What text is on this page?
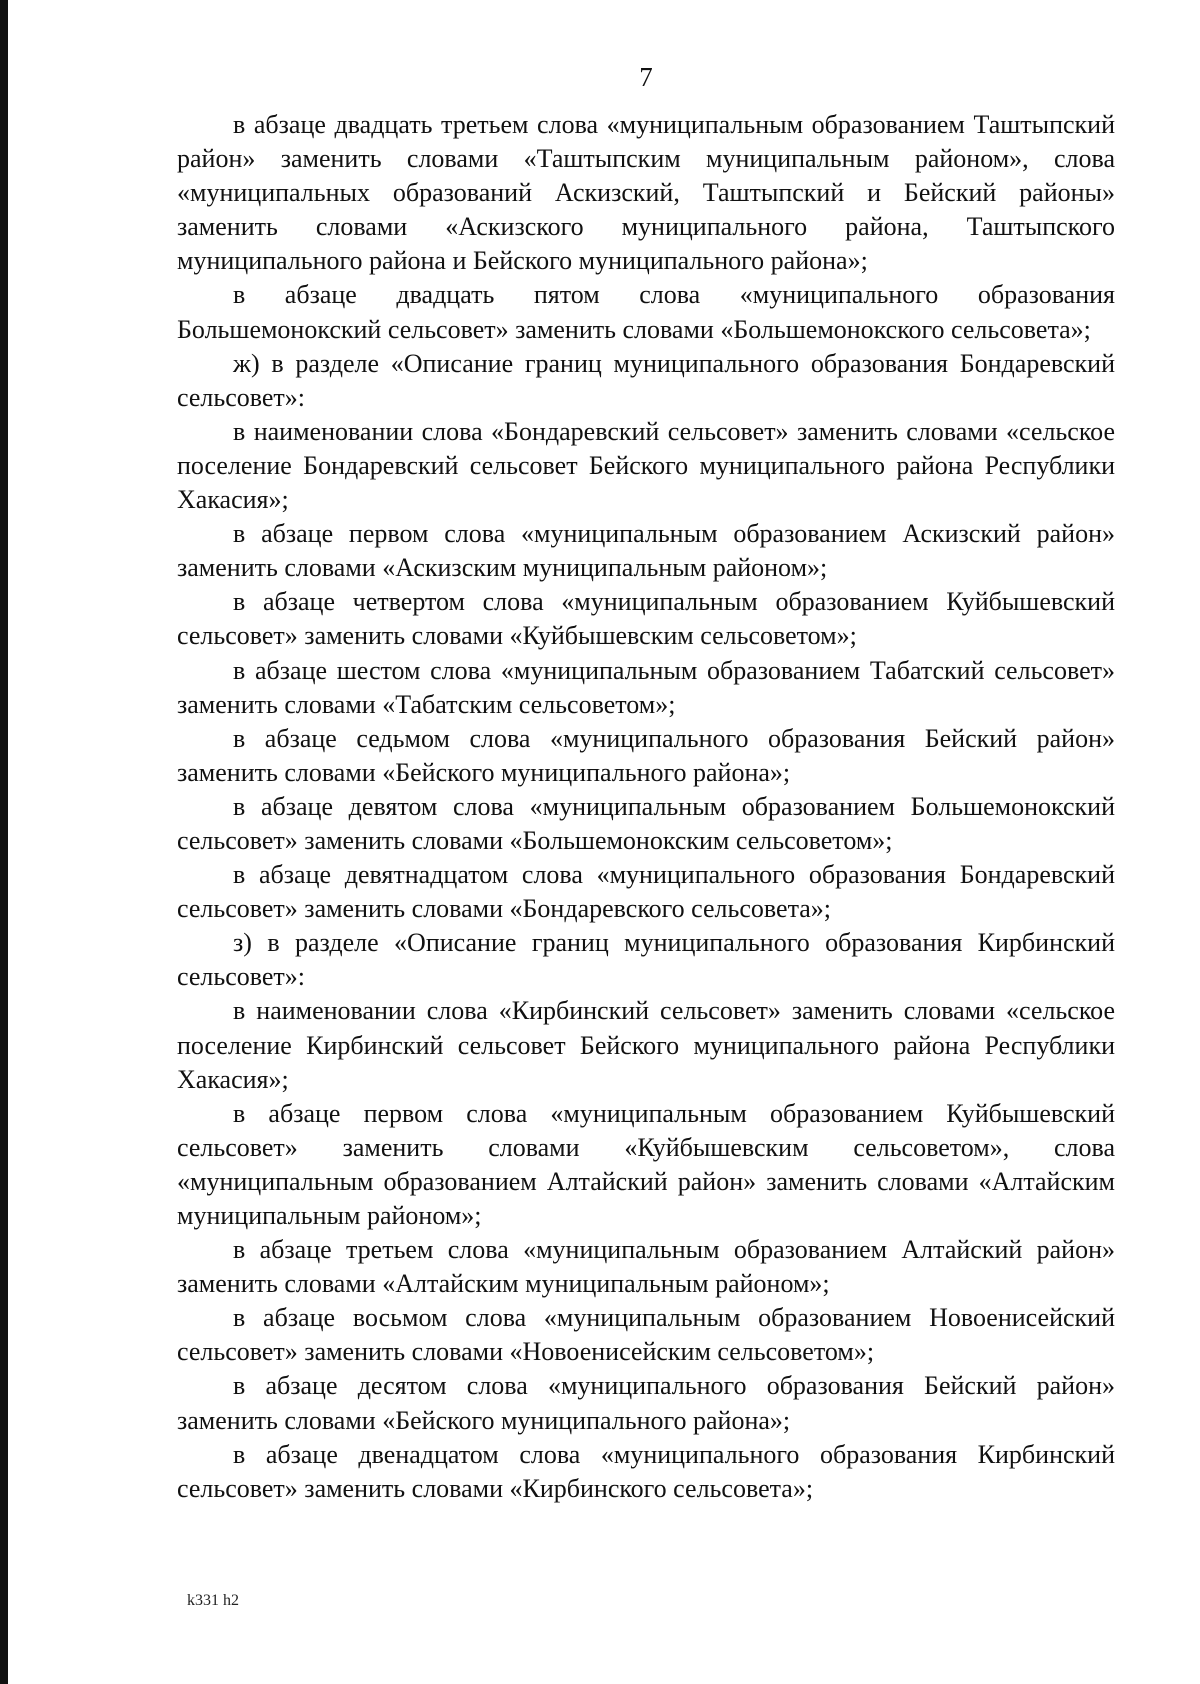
7

в абзаце двадцать третьем слова «муниципальным образованием Таштыпский район» заменить словами «Таштыпским муниципальным районом», слова «муниципальных образований Аскизский, Таштыпский и Бейский районы» заменить словами «Аскизского муниципального района, Таштыпского муниципального района и Бейского муниципального района»;

в абзаце двадцать пятом слова «муниципального образования Большемонокский сельсовет» заменить словами «Большемонокского сельсовета»;

ж) в разделе «Описание границ муниципального образования Бондаревский сельсовет»:

в наименовании слова «Бондаревский сельсовет» заменить словами «сельское поселение Бондаревский сельсовет Бейского муниципального района Республики Хакасия»;

в абзаце первом слова «муниципальным образованием Аскизский район» заменить словами «Аскизским муниципальным районом»;

в абзаце четвертом слова «муниципальным образованием Куйбышевский сельсовет» заменить словами «Куйбышевским сельсоветом»;

в абзаце шестом слова «муниципальным образованием Табатский сельсовет» заменить словами «Табатским сельсоветом»;

в абзаце седьмом слова «муниципального образования Бейский район» заменить словами «Бейского муниципального района»;

в абзаце девятом слова «муниципальным образованием Большемонокский сельсовет» заменить словами «Большемонокским сельсоветом»;

в абзаце девятнадцатом слова «муниципального образования Бондаревский сельсовет» заменить словами «Бондаревского сельсовета»;

з) в разделе «Описание границ муниципального образования Кирбинский сельсовет»:

в наименовании слова «Кирбинский сельсовет» заменить словами «сельское поселение Кирбинский сельсовет Бейского муниципального района Республики Хакасия»;

в абзаце первом слова «муниципальным образованием Куйбышевский сельсовет» заменить словами «Куйбышевским сельсоветом», слова «муниципальным образованием Алтайский район» заменить словами «Алтайским муниципальным районом»;

в абзаце третьем слова «муниципальным образованием Алтайский район» заменить словами «Алтайским муниципальным районом»;

в абзаце восьмом слова «муниципальным образованием Новоенисейский сельсовет» заменить словами «Новоенисейским сельсоветом»;

в абзаце десятом слова «муниципального образования Бейский район» заменить словами «Бейского муниципального района»;

в абзаце двенадцатом слова «муниципального образования Кирбинский сельсовет» заменить словами «Кирбинского сельсовета»;

k331 h2
